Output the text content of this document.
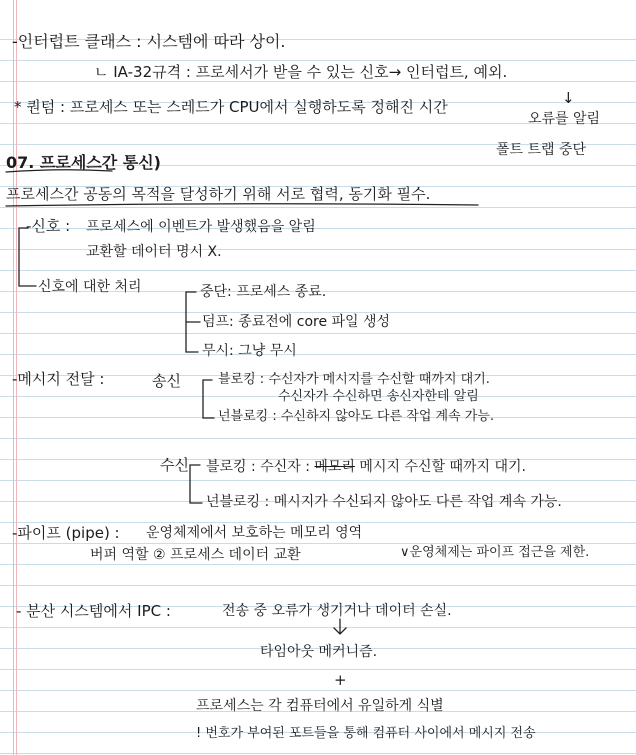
-인터럽트 클래스 : 시스템에 따라 상이.
ㄴ IA-32규격 : 프로세서가 받을 수 있는 신호→ 인터럽트, 예외.
* 퀀텀 : 프로세스 또는 스레드가 CPU에서 실행하도록 정해진 시간	↓
오류를 알림
폴트 트랩 중단
07. 프로세스간 통신)
프로세스간 공동의 목적을 달성하기 위해 서로 협력, 동기화 필수.
-신호 : 프로세스에 이벤트가 발생했음을 알림
교환할 데이터 명시 X.
신호에 대한 처리	중단: 프로세스 종료.
덤프: 종료전에 core 파일 생성
무시: 그냥 무시
-메시지 전달 :	송신	블로킹 : 수신자가 메시지를 수신할 때까지 대기.
수신자가 수신하면 송신자한테 알림
넌블로킹 : 수신하지 않아도 다른 작업 계속 가능.
수신 블로킹 : 수신자 : 메모리 메시지 수신할 때까지 대기.
넌블로킹 : 메시지가 수신되지 않아도 다른 작업 계속 가능.
-파이프 (pipe) : 운영체제에서 보호하는 메모리 영역
∨운영체제는 파이프 접근을 제한.
버퍼 역할 ② 프로세스 데이터 교환
- 분산 시스템에서 IPC :	전송 중 오류가 생기거나 데이터 손실.
타임아웃 메커니즘.
+
프로세스는 각 컴퓨터에서 유일하게 식별
! 번호가 부여된 포트들을 통해 컴퓨터 사이에서 메시지 전송
